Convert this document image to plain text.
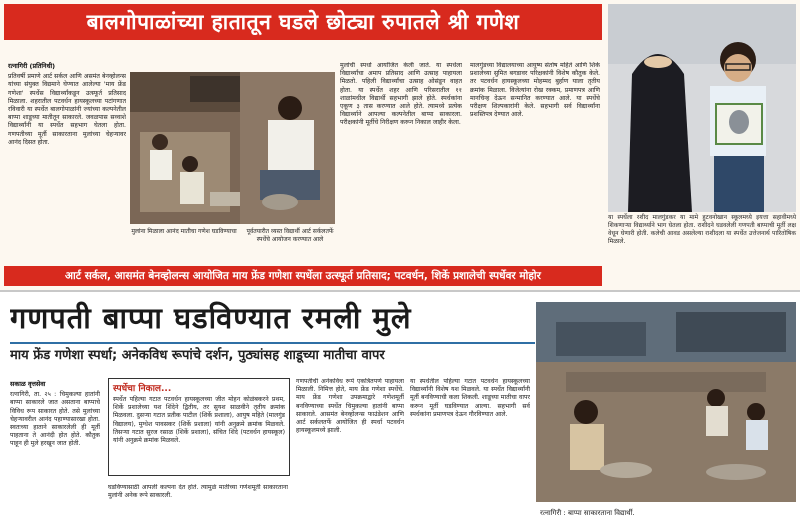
बालगोपाळांच्या हातातून घडले छोट्या रुपातले श्री गणेश
रत्नागिरी (प्रतिनिधी)
प्रतिवर्षी प्रमाणे आर्ट सर्कल आणि असमंत बेनव्होलन्स यांच्या संयुक्त विद्यमाने घेण्यात आलेल्या 'माय फ्रेंड गणेशा' स्पर्धेस विद्यार्थ्यांकडून उत्स्फूर्त प्रतिसाद मिळाला. शहरातील पटवर्धन हायस्कूलच्या पटांगणात रविवारी या स्पर्धेत बालगोपाळांनी ज्यांच्या कल्पनेतील बाप्पा शाडूच्या मातीतून साकारले. जवळपास सव्वाशे विद्यार्थ्यांनी या स्पर्धेत सहभाग घेतला होता. गणपतीच्या मूर्ती साकारताना मुलांच्या चेहऱ्यावर आनंद दिसत होता.
मुलांना मिळाला आनंद मातीचा गणेश घडविण्याचा	पूर्वतयारीत व्यस्त विद्यार्थी आर्ट सर्कलतर्फे स्पर्धेचे आयोजन करण्यात आले
मुलांची स्पर्धा आयोजित केली जाते. या स्पर्धेला विद्यार्थ्यांचा अमाप प्रतिसाद आणि उत्साह पाहायला मिळतो. पहिली विद्यार्थ्यांचा उत्साह ओसंडून वाहत होता. या स्पर्धेत शहर आणि परिसरातील ११ शाळांमधील विद्यार्थी सहभागी झाले होते. स्पर्धकांना एकूण ३ तास करण्यात आले होते. त्यामध्ये प्रत्येक विद्यार्थ्याने आपल्या कल्पनेतील बाप्पा साकारला. परीक्षकांनी मूर्तीचे निरीक्षण करून निकाल जाहीर केला.
मालगुंडच्या विद्यालयाच्या आयुष्य संतोष महिते आणि शिर्के प्रशालेच्या सुमित बगडावर परिक्षकांनी विशेष कौतुक केले. तर पटवर्धन हायस्कूलच्या मोहम्मद बुर्हाण याला तृतीय क्रमांक मिळाला. विजेत्यांना रोख रक्कम, प्रमाणपत्र आणि मानचिन्ह देऊन सन्मानित करण्यात आले. या स्पर्धेचे परीक्षण शिल्पकारांनी केले. सहभागी सर्व विद्यार्थ्यांना प्रशस्तिपत्र देण्यात आले.
आर्ट सर्कल, आसमंत बेनव्होलन्स आयोजित माय फ्रेंड गणेशा स्पर्धेला उत्स्फूर्त प्रतिसाद; पटवर्धन, शिर्के प्रशालेची स्पर्धेवर मोहोर
या स्पर्धेला रशीद मालगुंडकर या मामे हुटवनोखान स्कूलमध्ये इयत्ता सहावीमध्ये शिकणाऱ्या विद्यार्थ्याने भाग घेतला होता. राशीदने घडवलेली गणपती बाप्पाची मूर्ती लक्ष वेधून घेणारी होती. कलेची आवड असलेल्या राशीदला या स्पर्धेत उत्तेजनार्थ पारितोषिक मिळाले.
गणपती बाप्पा घडविण्यात रमली मुले
माय फ्रेंड गणेशा स्पर्धा; अनेकविध रूपांचे दर्शन, पुठ्यांसह शाडूच्या मातीचा वापर
सकाळ वृत्तसेवा
रत्नागिरी, ता. २५ : चिमुकल्या हातांनी बाप्पा साकारले जात असताना बाप्पाचे विविध रूप साकारत होते. तसे मुलांच्या चेहऱ्यावरील आनंद पहाण्यासारखा होता. स्वतःच्या हाताने साकारलेली ही मूर्ती पाहताना ते आनंदी होत होते. कौतुक पाहून ही मुले हरखून जात होती.
स्पर्धेचा निकाल...
स्पर्धेत पहिल्या गटात पटवर्धन हायस्कूलच्या जीत मोहन कोळंबकरने प्रथम, शिर्के प्रशालेच्या यश शिंदेने द्वितीय, तर सुयश साळवीने तृतीय क्रमांक मिळवला. दुसऱ्या गटात प्रतीक पाटील (शिर्के प्रशाला), आयुष महिते (मालगुंड विद्यालय), मुग्धेश पावसकर (शिर्के प्रशाला) यांनी अनुक्रमे क्रमांक मिळवले. तिसऱ्या गटात सुरज रसाळ (शिर्के प्रशाला), संचित शिंदे (पटवर्धन हायस्कूल) यांनी अनुक्रमे क्रमांक मिळवले.
घडविण्यासाठी आपली कल्पना देत होते. त्यामुळे मातीच्या गणेशमूर्ती साकारताना मुलांनी अनेक रूपे साकारली.
गणपतीची अनेकविध रूपे एकत्रितपणे पाहायला मिळाली. निमित्त होते, माय फ्रेंड गणेशा स्पर्धेचे. माय फ्रेंड गणेशा उपक्रमाद्वारे गणेशमूर्ती बनविण्याच्या स्पर्धेत चिमुकल्या हातांनी बाप्पा साकारले. आसमंत बेनव्होलन्स फाउंडेशन आणि आर्ट सर्कलतर्फे आयोजित ही स्पर्धा पटवर्धन हायस्कूलमध्ये झाली.
या स्पर्धेतील पहिल्या गटात पटवर्धन हायस्कूलच्या विद्यार्थ्यांनी विशेष यश मिळवले. या स्पर्धेत विद्यार्थ्यांनी मूर्ती बनविण्याची कला शिकली. शाडूच्या मातीचा वापर करून मूर्ती घडविण्यात आल्या. सहभागी सर्व स्पर्धकांना प्रमाणपत्र देऊन गौरविण्यात आले.
रत्नागिरी : बाप्पा साकारताना विद्यार्थी.
